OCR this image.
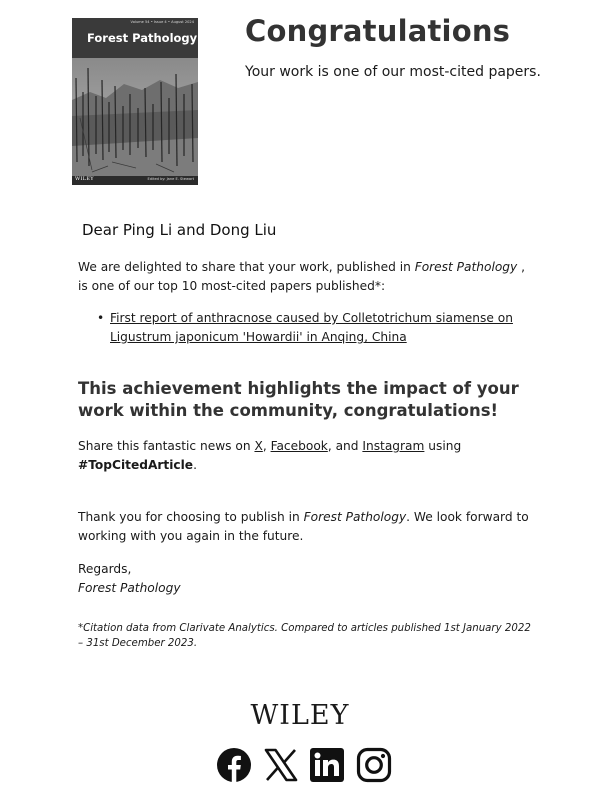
Volume 54 • Issue 4 • August 2024
Forest Pathology
WILEY	Edited by: Jane E. Stewart
Congratulations

Your work is one of our most-cited papers.

Dear Ping Li and Dong Liu

We are delighted to share that your work, published in Forest Pathology , is one of our top 10 most-cited papers published*:

• First report of anthracnose caused by Colletotrichum siamense on Ligustrum japonicum 'Howardii' in Anqing, China
This achievement highlights the impact of your work within the community, congratulations!

Share this fantastic news on X, Facebook, and Instagram using #TopCitedArticle.

Thank you for choosing to publish in Forest Pathology. We look forward to working with you again in the future.

Regards,
Forest Pathology

*Citation data from Clarivate Analytics. Compared to articles published 1st January 2022 – 31st December 2023.

WILEY
